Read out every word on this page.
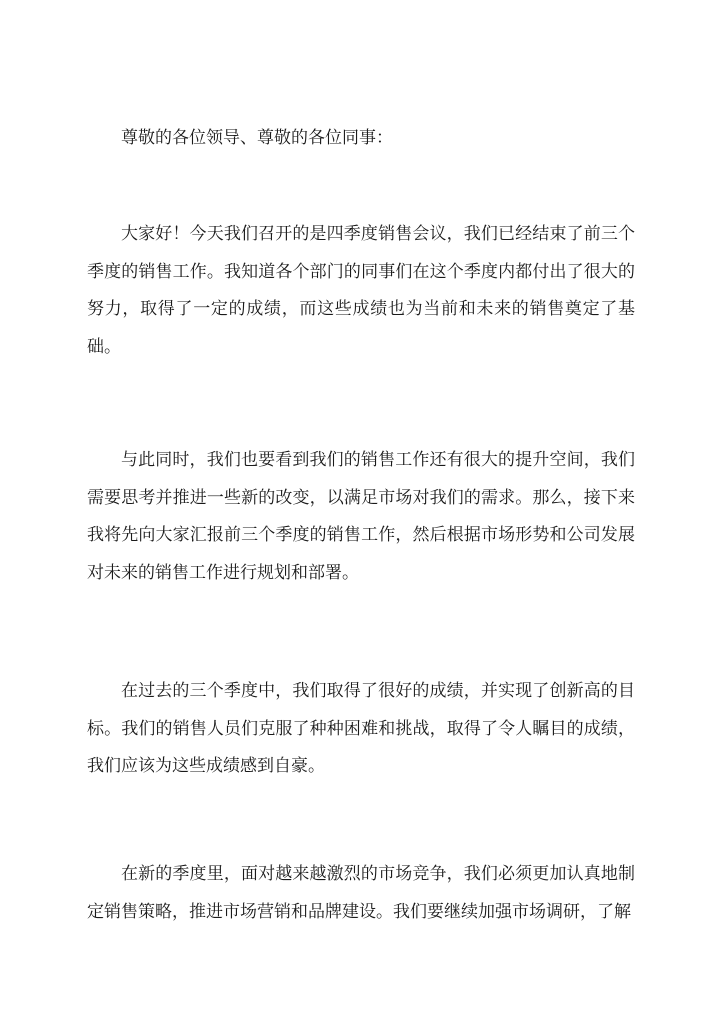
尊敬的各位领导、尊敬的各位同事：

大家好！今天我们召开的是四季度销售会议，我们已经结束了前三个季度的销售工作。我知道各个部门的同事们在这个季度内都付出了很大的努力，取得了一定的成绩，而这些成绩也为当前和未来的销售奠定了基础。

与此同时，我们也要看到我们的销售工作还有很大的提升空间，我们需要思考并推进一些新的改变，以满足市场对我们的需求。那么，接下来我将先向大家汇报前三个季度的销售工作，然后根据市场形势和公司发展对未来的销售工作进行规划和部署。

在过去的三个季度中，我们取得了很好的成绩，并实现了创新高的目标。我们的销售人员们克服了种种困难和挑战，取得了令人瞩目的成绩，我们应该为这些成绩感到自豪。

在新的季度里，面对越来越激烈的市场竞争，我们必须更加认真地制定销售策略，推进市场营销和品牌建设。我们要继续加强市场调研，了解
